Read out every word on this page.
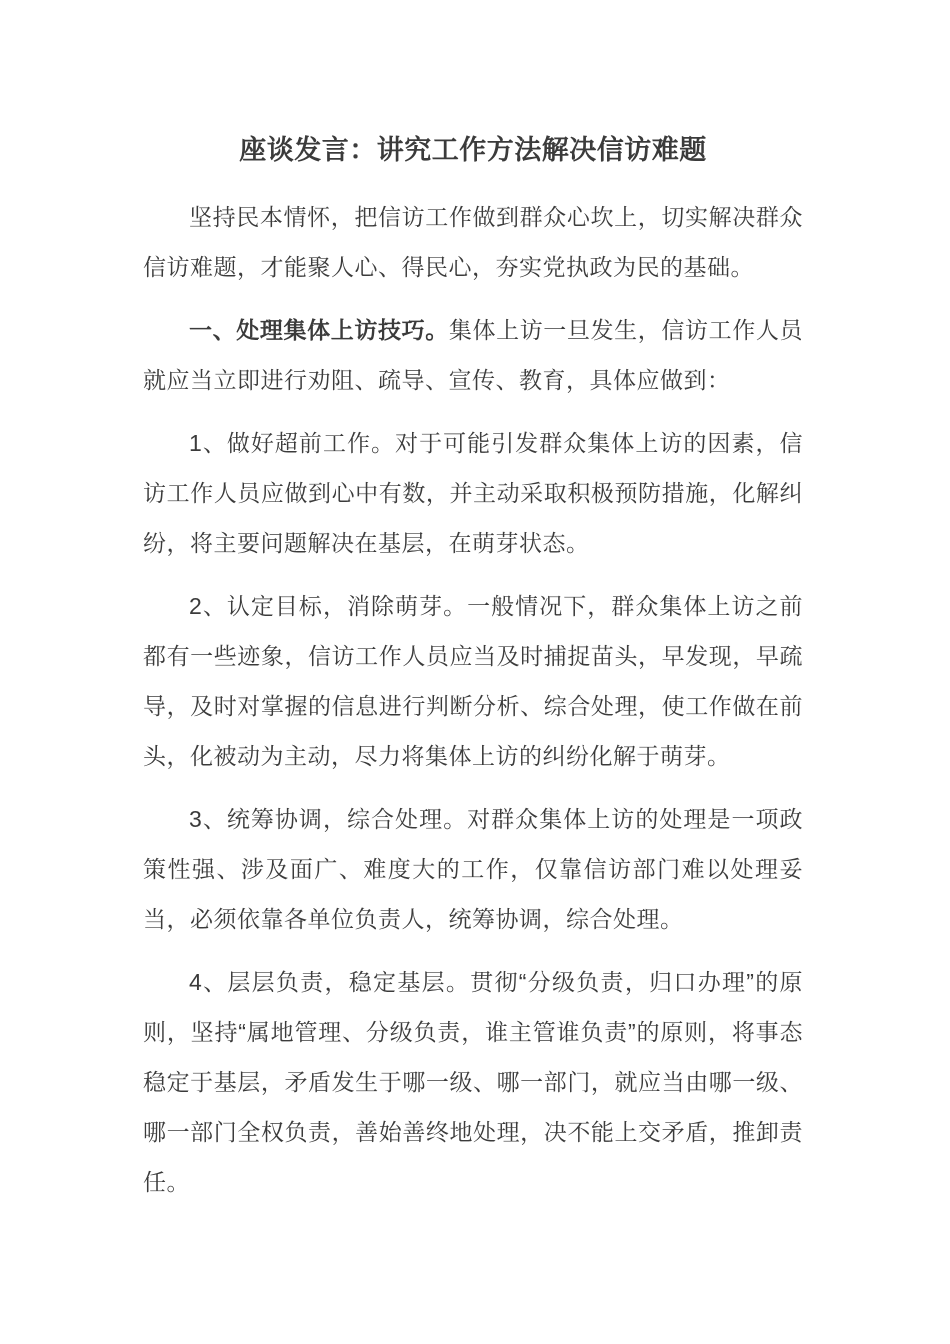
座谈发言：讲究工作方法解决信访难题

坚持民本情怀，把信访工作做到群众心坎上，切实解决群众信访难题，才能聚人心、得民心，夯实党执政为民的基础。

一、处理集体上访技巧。集体上访一旦发生，信访工作人员就应当立即进行劝阻、疏导、宣传、教育，具体应做到：

1、做好超前工作。对于可能引发群众集体上访的因素，信访工作人员应做到心中有数，并主动采取积极预防措施，化解纠纷，将主要问题解决在基层，在萌芽状态。

2、认定目标，消除萌芽。一般情况下，群众集体上访之前都有一些迹象，信访工作人员应当及时捕捉苗头，早发现，早疏导，及时对掌握的信息进行判断分析、综合处理，使工作做在前头，化被动为主动，尽力将集体上访的纠纷化解于萌芽。

3、统筹协调，综合处理。对群众集体上访的处理是一项政策性强、涉及面广、难度大的工作，仅靠信访部门难以处理妥当，必须依靠各单位负责人，统筹协调，综合处理。

4、层层负责，稳定基层。贯彻“分级负责，归口办理”的原则，坚持“属地管理、分级负责，谁主管谁负责”的原则，将事态稳定于基层，矛盾发生于哪一级、哪一部门，就应当由哪一级、哪一部门全权负责，善始善终地处理，决不能上交矛盾，推卸责任。
